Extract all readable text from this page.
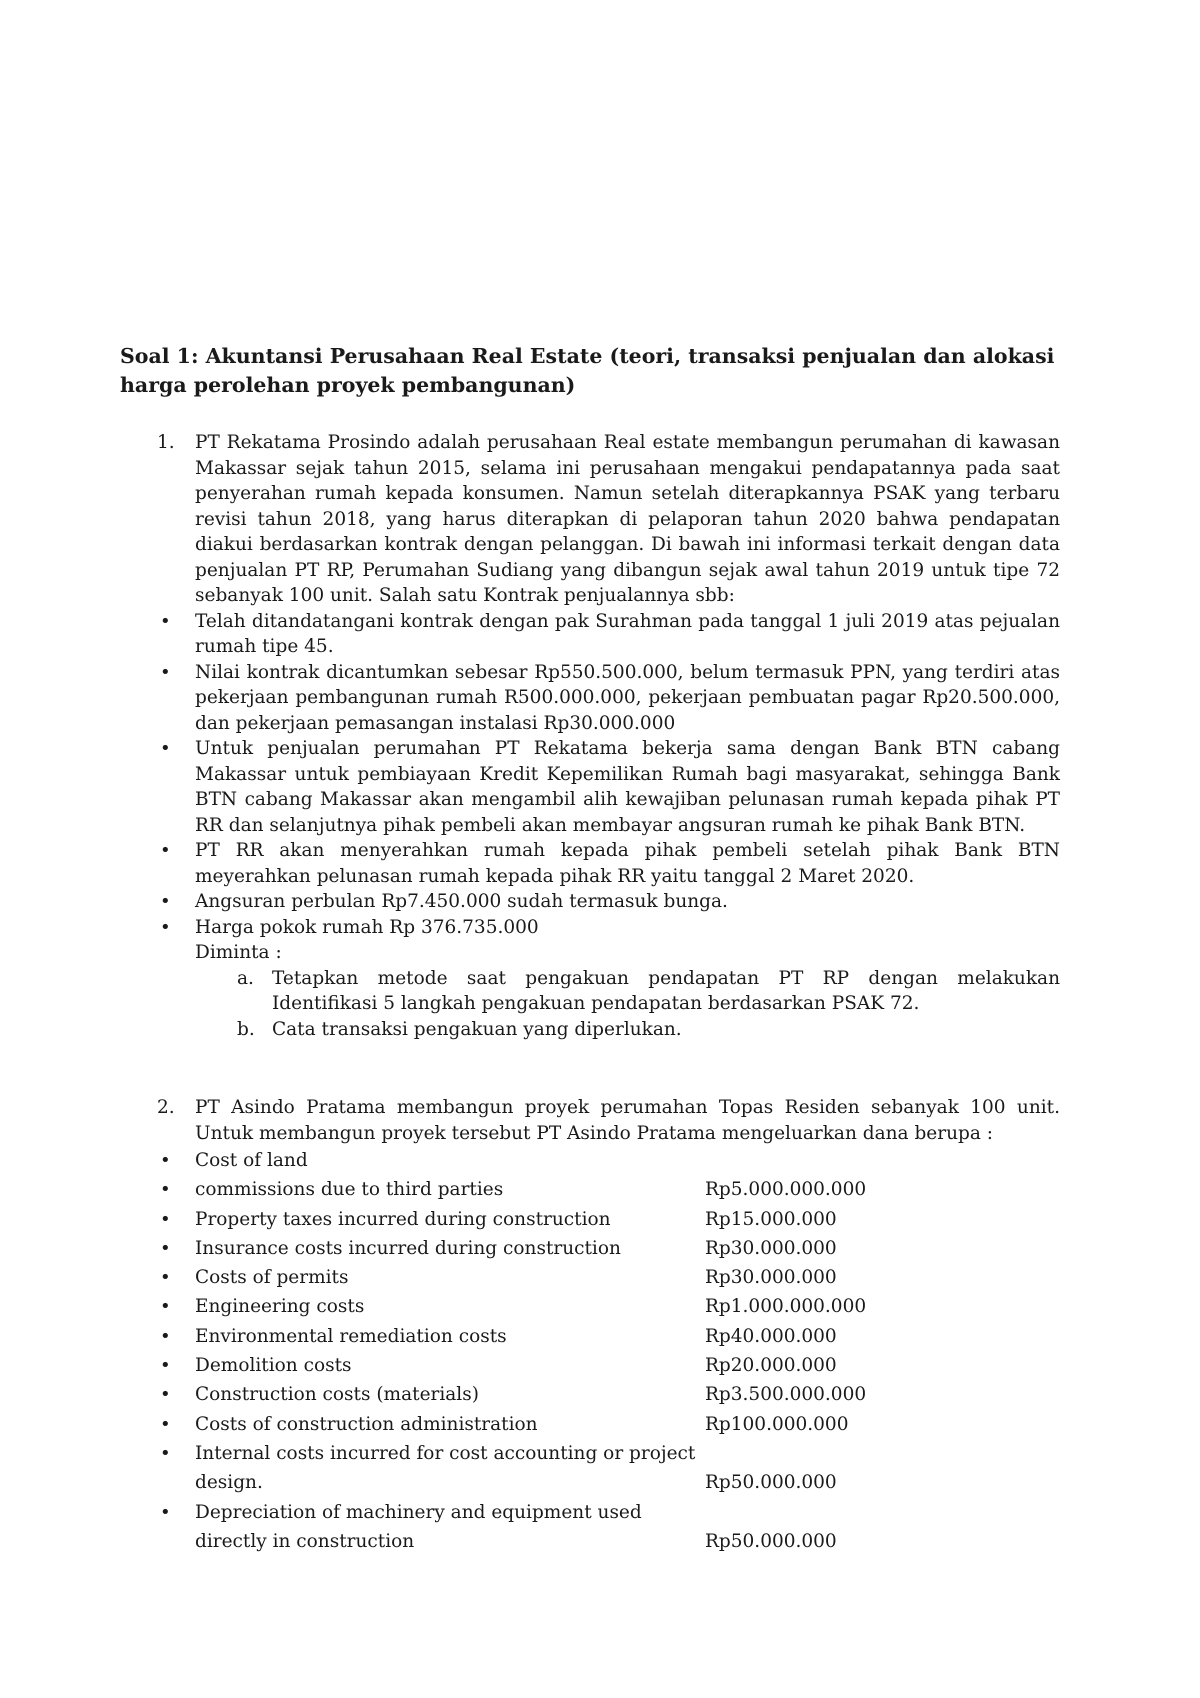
Soal 1: Akuntansi Perusahaan Real Estate (teori, transaksi penjualan dan alokasi harga perolehan proyek pembangunan)
1. PT Rekatama Prosindo adalah perusahaan Real estate membangun perumahan di kawasan Makassar sejak tahun 2015, selama ini perusahaan mengakui pendapatannya pada saat penyerahan rumah kepada konsumen. Namun setelah diterapkannya PSAK yang terbaru revisi tahun 2018, yang harus diterapkan di pelaporan tahun 2020 bahwa pendapatan diakui berdasarkan kontrak dengan pelanggan. Di bawah ini informasi terkait dengan data penjualan PT RP, Perumahan Sudiang yang dibangun sejak awal tahun 2019 untuk tipe 72 sebanyak 100 unit. Salah satu Kontrak penjualannya sbb:

• Telah ditandatangani kontrak dengan pak Surahman pada tanggal 1 juli 2019 atas pejualan rumah tipe 45.
• Nilai kontrak dicantumkan sebesar Rp550.500.000, belum termasuk PPN, yang terdiri atas pekerjaan pembangunan rumah R500.000.000, pekerjaan pembuatan pagar Rp20.500.000, dan pekerjaan pemasangan instalasi Rp30.000.000
• Untuk penjualan perumahan PT Rekatama bekerja sama dengan Bank BTN cabang Makassar untuk pembiayaan Kredit Kepemilikan Rumah bagi masyarakat, sehingga Bank BTN cabang Makassar akan mengambil alih kewajiban pelunasan rumah kepada pihak PT RR dan selanjutnya pihak pembeli akan membayar angsuran rumah ke pihak Bank BTN.
• PT RR akan menyerahkan rumah kepada pihak pembeli setelah pihak Bank BTN meyerahkan pelunasan rumah kepada pihak RR yaitu tanggal 2 Maret 2020.
• Angsuran perbulan Rp7.450.000 sudah termasuk bunga.
• Harga pokok rumah Rp 376.735.000

Diminta :

a. Tetapkan metode saat pengakuan pendapatan PT RP dengan melakukan Identifikasi 5 langkah pengakuan pendapatan berdasarkan PSAK 72.
b. Cata transaksi pengakuan yang diperlukan.
2. PT Asindo Pratama membangun proyek perumahan Topas Residen sebanyak 100 unit. Untuk membangun proyek tersebut PT Asindo Pratama mengeluarkan dana berupa :

• Cost of land
• commissions due to third parties	Rp5.000.000.000
• Property taxes incurred during construction	Rp15.000.000
• Insurance costs incurred during construction	Rp30.000.000
• Costs of permits	Rp30.000.000
• Engineering costs	Rp1.000.000.000
• Environmental remediation costs	Rp40.000.000
• Demolition costs	Rp20.000.000
• Construction costs (materials)	Rp3.500.000.000
• Costs of construction administration	Rp100.000.000
• Internal costs incurred for cost accounting or project
design.	Rp50.000.000
• Depreciation of machinery and equipment used
directly in construction	Rp50.000.000
